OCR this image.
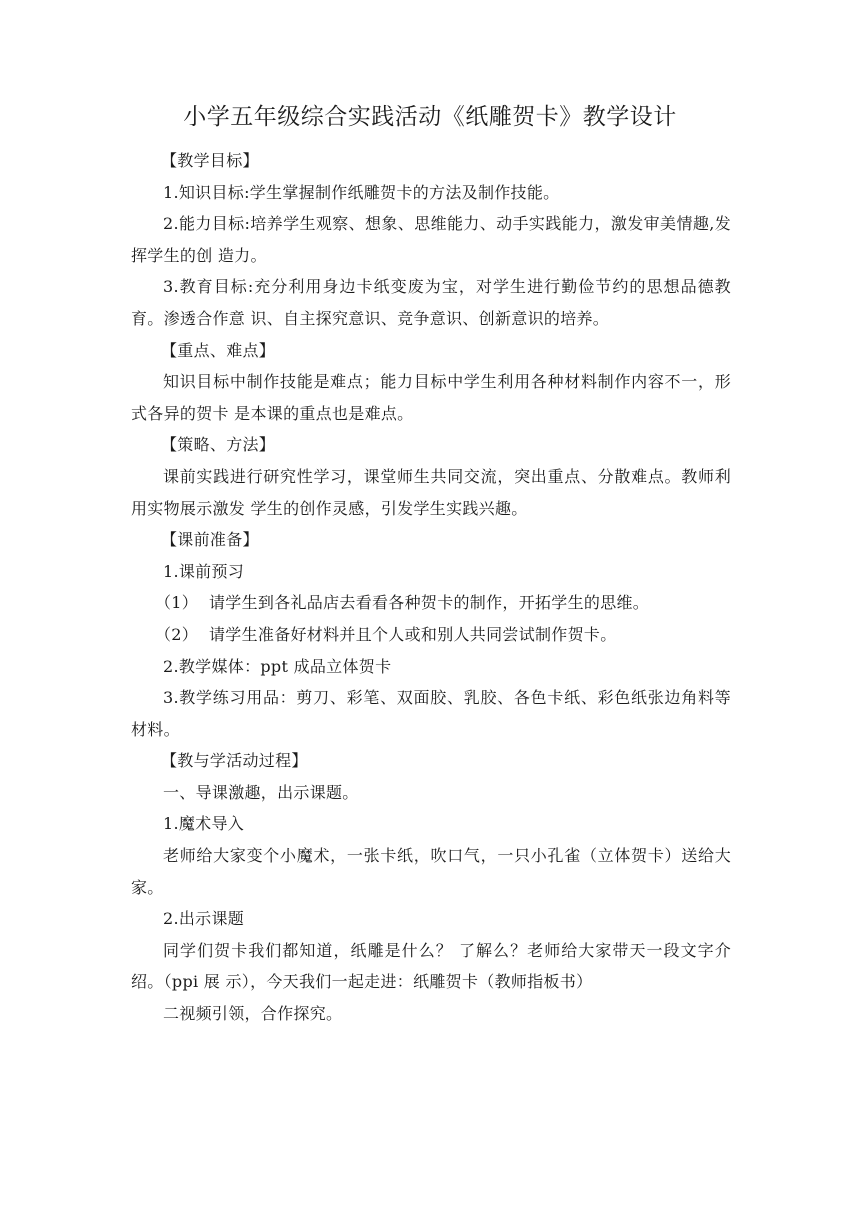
小学五年级综合实践活动《纸雕贺卡》教学设计

【教学目标】

1.知识目标:学生掌握制作纸雕贺卡的方法及制作技能。

2.能力目标:培养学生观察、想象、思维能力、动手实践能力，激发审美情趣,发挥学生的创 造力。

3.教育目标:充分利用身边卡纸变废为宝，对学生进行勤俭节约的思想品德教育。渗透合作意 识、自主探究意识、竞争意识、创新意识的培养。

【重点、难点】

知识目标中制作技能是难点；能力目标中学生利用各种材料制作内容不一，形式各异的贺卡 是本课的重点也是难点。

【策略、方法】

课前实践进行研究性学习，课堂师生共同交流，突出重点、分散难点。教师利用实物展示激发 学生的创作灵感，引发学生实践兴趣。

【课前准备】

1.课前预习

（1） 请学生到各礼品店去看看各种贺卡的制作，开拓学生的思维。

（2） 请学生准备好材料并且个人或和别人共同尝试制作贺卡。

2.教学媒体：ppt 成品立体贺卡

3.教学练习用品：剪刀、彩笔、双面胶、乳胶、各色卡纸、彩色纸张边角料等材料。

【教与学活动过程】

一、导课激趣，出示课题。

1.魔术导入

老师给大家变个小魔术，一张卡纸，吹口气，一只小孔雀（立体贺卡）送给大家。

2.出示课题

同学们贺卡我们都知道，纸雕是什么？ 了解么？老师给大家带天一段文字介绍。（ppi 展 示），今天我们一起走进：纸雕贺卡（教师指板书）

二视频引领，合作探究。
